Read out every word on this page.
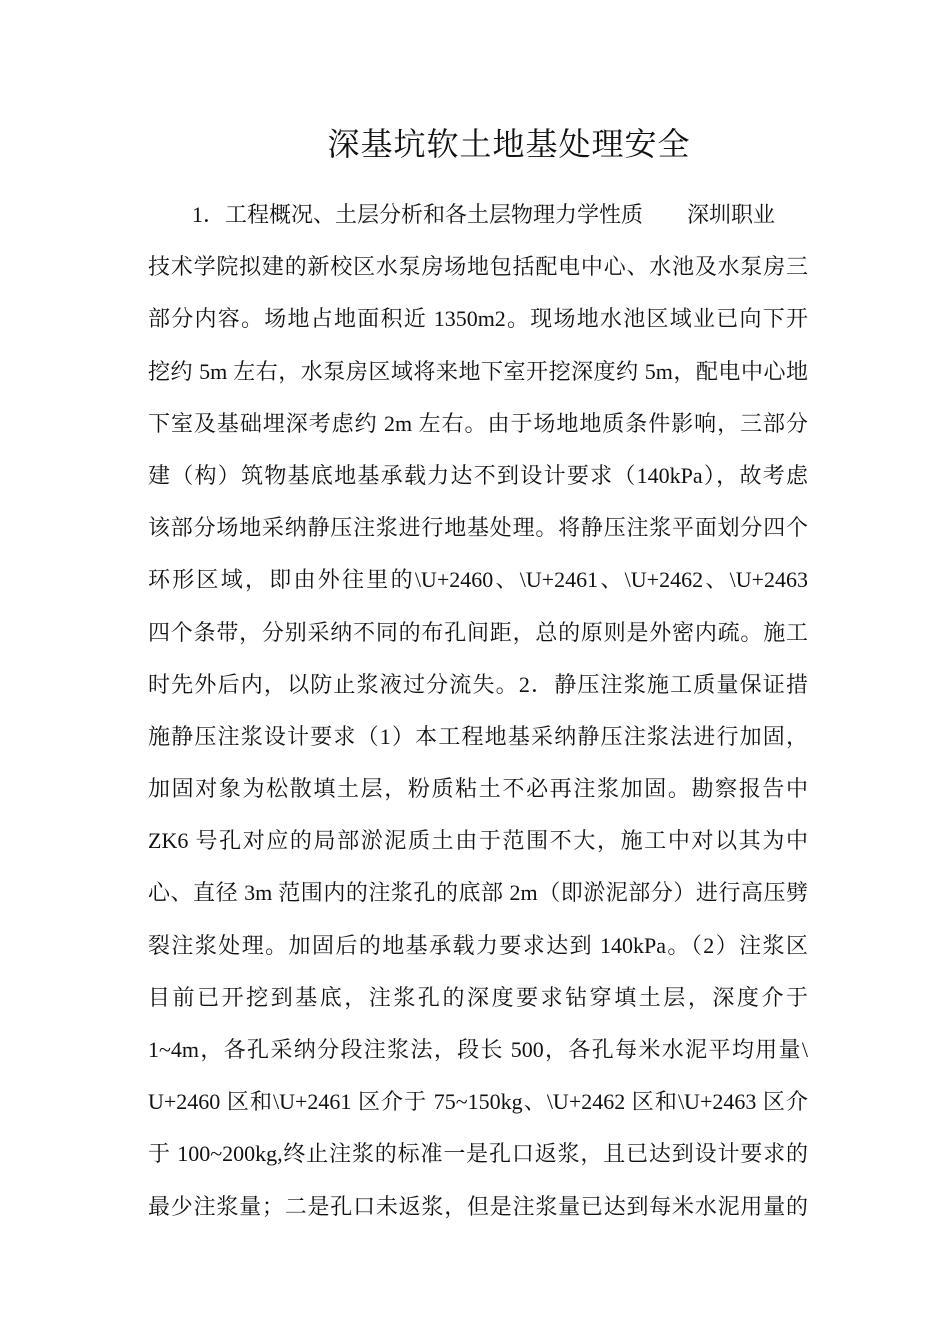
深基坑软土地基处理安全
1．工程概况、土层分析和各土层物理力学性质　　深圳职业
技术学院拟建的新校区水泵房场地包括配电中心、水池及水泵房三
部分内容。场地占地面积近 1350m2。现场地水池区域业已向下开
挖约 5m 左右，水泵房区域将来地下室开挖深度约 5m，配电中心地
下室及基础埋深考虑约 2m 左右。由于场地地质条件影响，三部分
建（构）筑物基底地基承载力达不到设计要求（140kPa），故考虑
该部分场地采纳静压注浆进行地基处理。将静压注浆平面划分四个
环形区域，即由外往里的\U+2460、\U+2461、\U+2462、\U+2463
四个条带，分别采纳不同的布孔间距，总的原则是外密内疏。施工
时先外后内，以防止浆液过分流失。2．静压注浆施工质量保证措
施静压注浆设计要求（1）本工程地基采纳静压注浆法进行加固，
加固对象为松散填土层，粉质粘土不必再注浆加固。勘察报告中
ZK6 号孔对应的局部淤泥质土由于范围不大，施工中对以其为中
心、直径 3m 范围内的注浆孔的底部 2m（即淤泥部分）进行高压劈
裂注浆处理。加固后的地基承载力要求达到 140kPa。（2）注浆区
目前已开挖到基底，注浆孔的深度要求钻穿填土层，深度介于
1~4m，各孔采纳分段注浆法，段长 500，各孔每米水泥平均用量\
U+2460 区和\U+2461 区介于 75~150kg、\U+2462 区和\U+2463 区介
于 100~200kg,终止注浆的标准一是孔口返浆，且已达到设计要求的
最少注浆量；二是孔口未返浆，但是注浆量已达到每米水泥用量的
